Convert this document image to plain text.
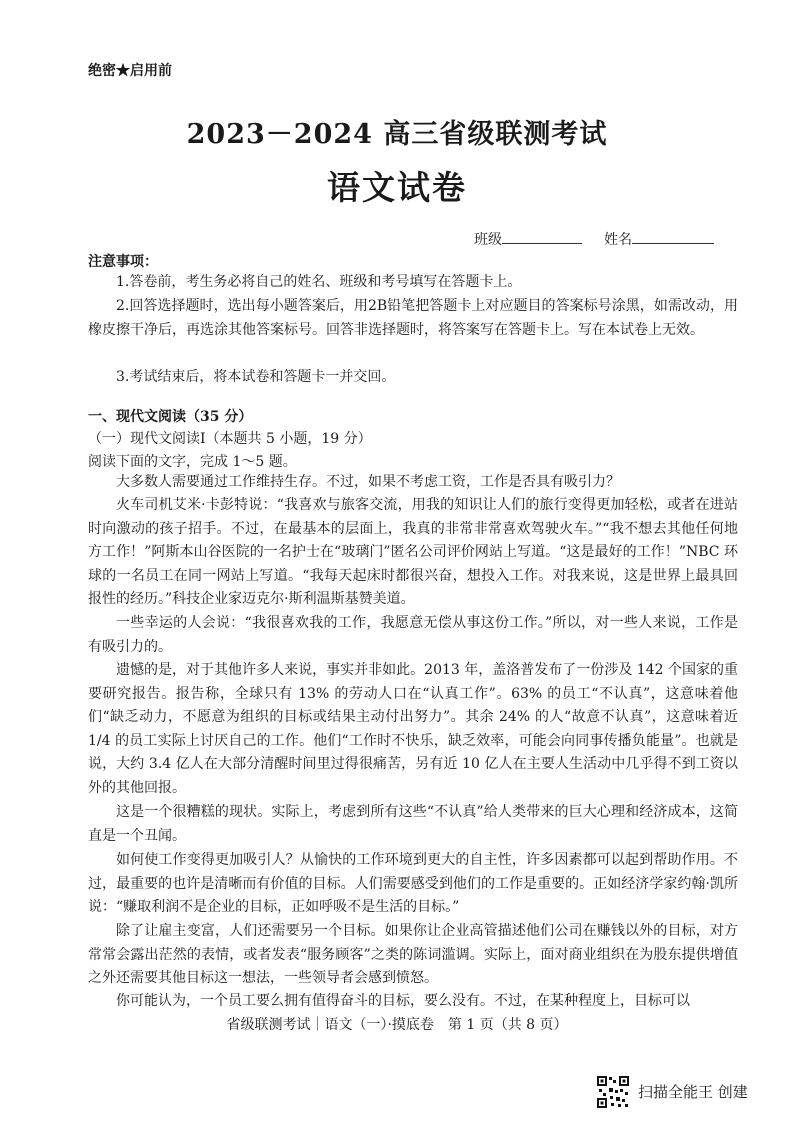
绝密★启用前
2023－2024 高三省级联测考试
语文试卷
班级	姓名
注意事项：
1.答卷前，考生务必将自己的姓名、班级和考号填写在答题卡上。
2.回答选择题时，选出每小题答案后，用2B铅笔把答题卡上对应题目的答案标号涂黑，如需改动，用橡皮擦干净后，再选涂其他答案标号。回答非选择题时，将答案写在答题卡上。写在本试卷上无效。
3.考试结束后，将本试卷和答题卡一并交回。
一、现代文阅读（35 分）
（一）现代文阅读Ⅰ（本题共 5 小题，19 分）
阅读下面的文字，完成 1～5 题。
大多数人需要通过工作维持生存。不过，如果不考虑工资，工作是否具有吸引力？
火车司机艾米·卡彭特说：“我喜欢与旅客交流，用我的知识让人们的旅行变得更加轻松，或者在进站时向激动的孩子招手。不过，在最基本的层面上，我真的非常非常喜欢驾驶火车。”“我不想去其他任何地方工作！”阿斯本山谷医院的一名护士在“玻璃门”匿名公司评价网站上写道。“这是最好的工作！”NBC 环球的一名员工在同一网站上写道。“我每天起床时都很兴奋，想投入工作。对我来说，这是世界上最具回报性的经历。”科技企业家迈克尔·斯利温斯基赞美道。
一些幸运的人会说：“我很喜欢我的工作，我愿意无偿从事这份工作。”所以，对一些人来说，工作是有吸引力的。
遗憾的是，对于其他许多人来说，事实并非如此。2013 年，盖洛普发布了一份涉及 142 个国家的重要研究报告。报告称，全球只有 13% 的劳动人口在“认真工作”。63% 的员工“不认真”，这意味着他们“缺乏动力，不愿意为组织的目标或结果主动付出努力”。其余 24% 的人“故意不认真”，这意味着近 1/4 的员工实际上讨厌自己的工作。他们“工作时不快乐，缺乏效率，可能会向同事传播负能量”。也就是说，大约 3.4 亿人在大部分清醒时间里过得很痛苦，另有近 10 亿人在主要人生活动中几乎得不到工资以外的其他回报。
这是一个很糟糕的现状。实际上，考虑到所有这些“不认真”给人类带来的巨大心理和经济成本，这简直是一个丑闻。
如何使工作变得更加吸引人？从愉快的工作环境到更大的自主性，许多因素都可以起到帮助作用。不过，最重要的也许是清晰而有价值的目标。人们需要感受到他们的工作是重要的。正如经济学家约翰·凯所说：“赚取利润不是企业的目标，正如呼吸不是生活的目标。”
除了让雇主变富，人们还需要另一个目标。如果你让企业高管描述他们公司在赚钱以外的目标，对方常常会露出茫然的表情，或者发表“服务顾客”之类的陈词滥调。实际上，面对商业组织在为股东提供增值之外还需要其他目标这一想法，一些领导者会感到愤怒。
你可能认为，一个员工要么拥有值得奋斗的目标，要么没有。不过，在某种程度上，目标可以
省级联测考试｜语文（一）·摸底卷　第 1 页（共 8 页）
扫描全能王 创建
